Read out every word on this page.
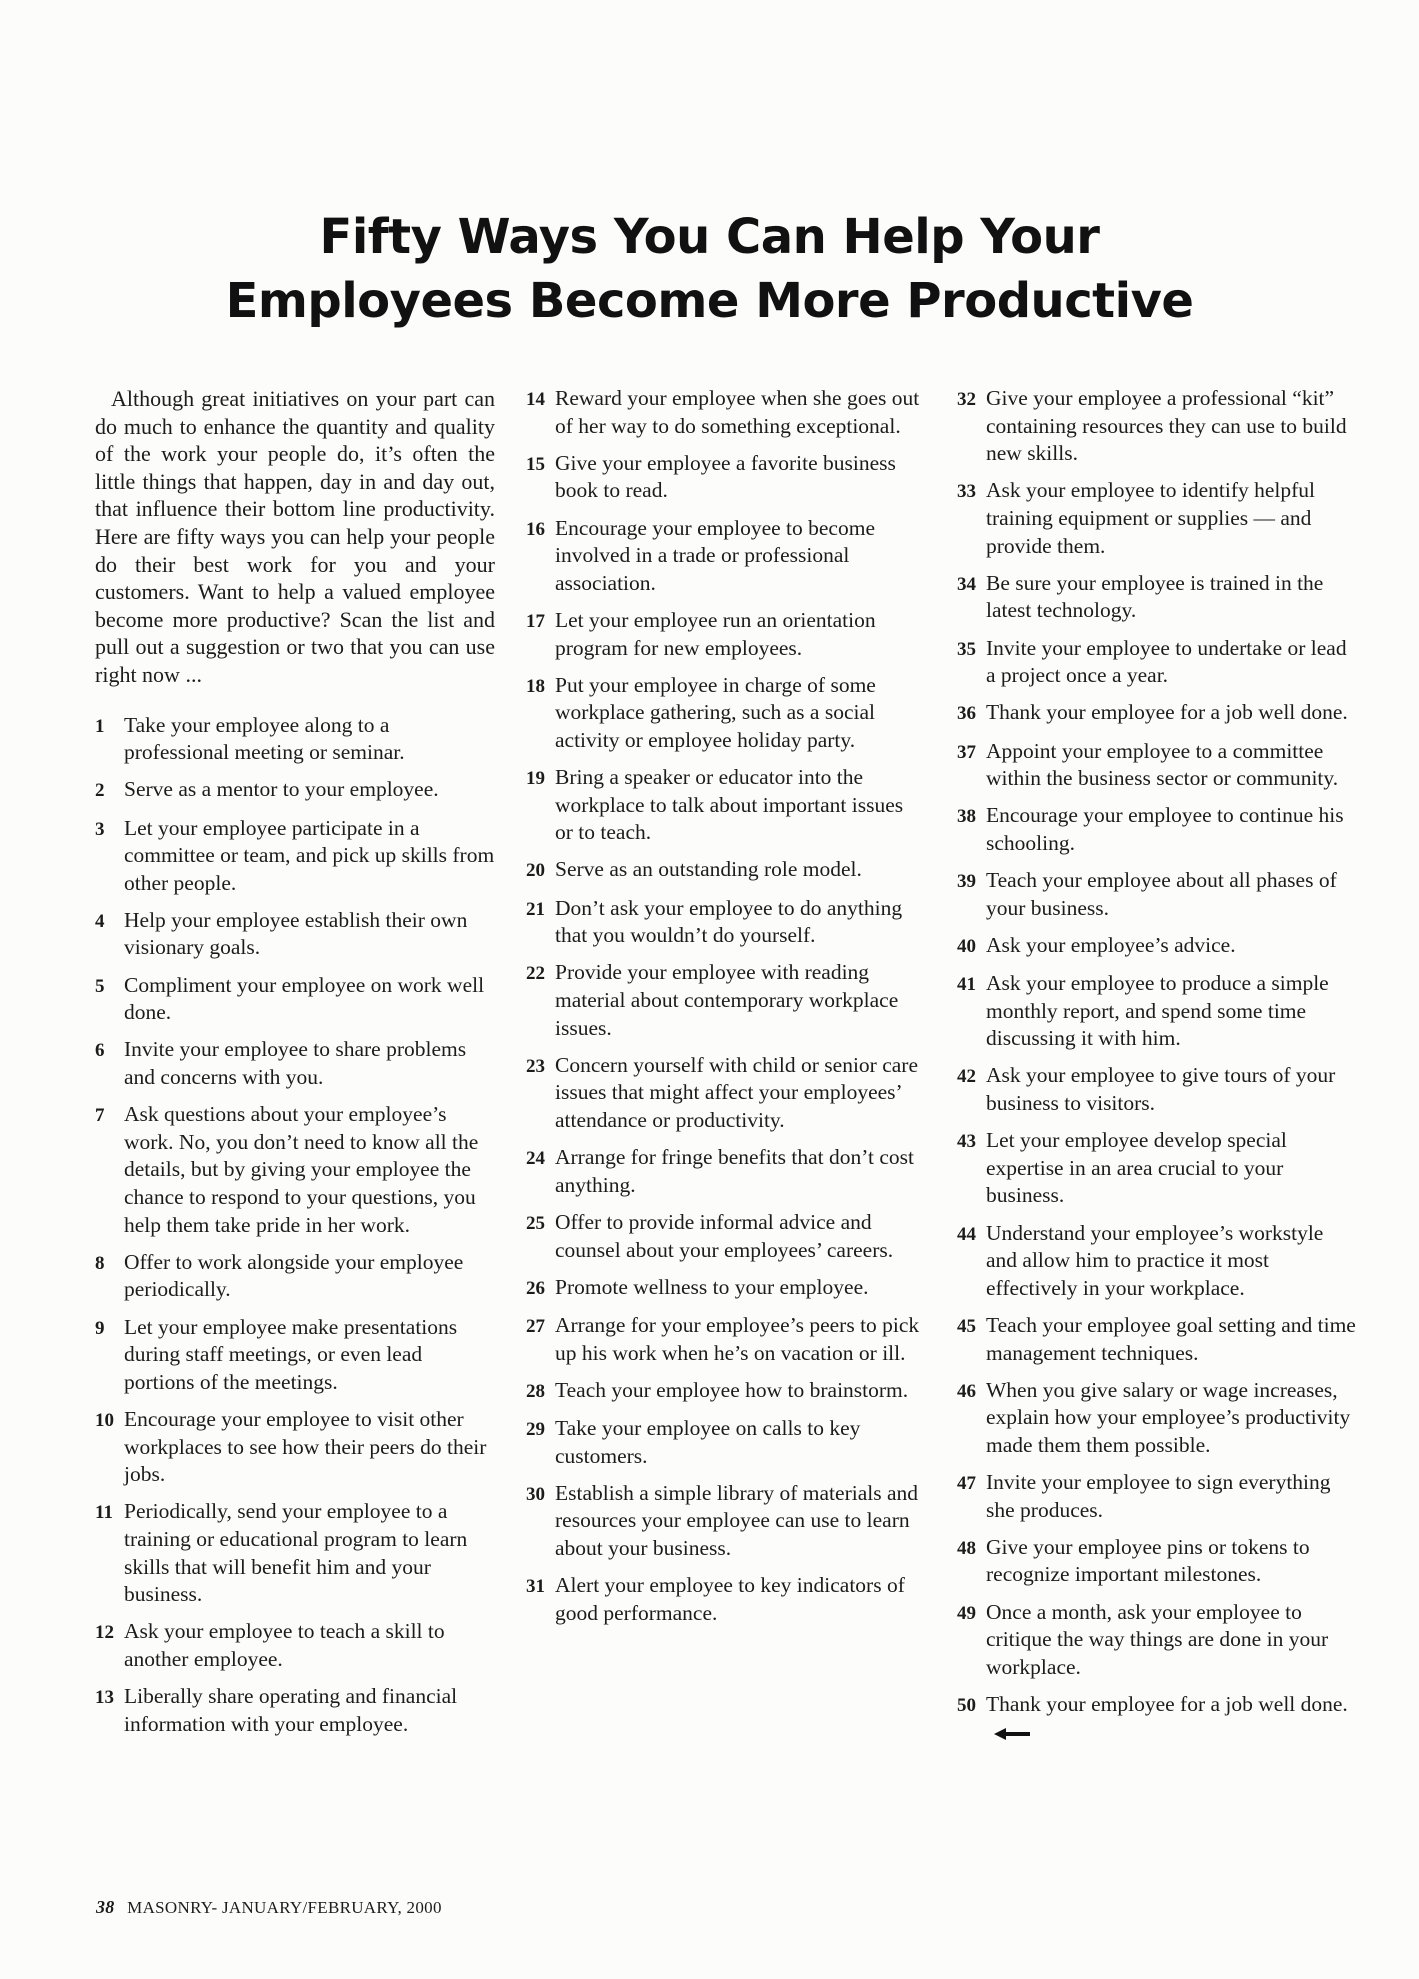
Fifty Ways You Can Help Your
Employees Become More Productive

Although great initiatives on your part can do much to enhance the quantity and quality of the work your people do, it’s often the little things that happen, day in and day out, that influence their bottom line productivity. Here are fifty ways you can help your people do their best work for you and your customers. Want to help a valued employee become more productive? Scan the list and pull out a suggestion or two that you can use right now ...

1 Take your employee along to a professional meeting or seminar.
2 Serve as a mentor to your employee.
3 Let your employee participate in a committee or team, and pick up skills from other people.
4 Help your employee establish their own visionary goals.
5 Compliment your employee on work well done.
6 Invite your employee to share problems and concerns with you.
7 Ask questions about your employee’s work. No, you don’t need to know all the details, but by giving your employee the chance to respond to your questions, you help them take pride in her work.
8 Offer to work alongside your employee periodically.
9 Let your employee make presentations during staff meetings, or even lead portions of the meetings.
10 Encourage your employee to visit other workplaces to see how their peers do their jobs.
11 Periodically, send your employee to a training or educational program to learn skills that will benefit him and your business.
12 Ask your employee to teach a skill to another employee.
13 Liberally share operating and financial information with your employee.
14 Reward your employee when she goes out of her way to do something exceptional.
15 Give your employee a favorite business book to read.
16 Encourage your employee to become involved in a trade or professional association.
17 Let your employee run an orientation program for new employees.
18 Put your employee in charge of some workplace gathering, such as a social activity or employee holiday party.
19 Bring a speaker or educator into the workplace to talk about important issues or to teach.
20 Serve as an outstanding role model.
21 Don’t ask your employee to do anything that you wouldn’t do yourself.
22 Provide your employee with reading material about contemporary workplace issues.
23 Concern yourself with child or senior care issues that might affect your employees’ attendance or productivity.
24 Arrange for fringe benefits that don’t cost anything.
25 Offer to provide informal advice and counsel about your employees’ careers.
26 Promote wellness to your employee.
27 Arrange for your employee’s peers to pick up his work when he’s on vacation or ill.
28 Teach your employee how to brainstorm.
29 Take your employee on calls to key customers.
30 Establish a simple library of materials and resources your employee can use to learn about your business.
31 Alert your employee to key indicators of good performance.
32 Give your employee a professional “kit” containing resources they can use to build new skills.
33 Ask your employee to identify helpful training equipment or supplies — and provide them.
34 Be sure your employee is trained in the latest technology.
35 Invite your employee to undertake or lead a project once a year.
36 Thank your employee for a job well done.
37 Appoint your employee to a committee within the business sector or community.
38 Encourage your employee to continue his schooling.
39 Teach your employee about all phases of your business.
40 Ask your employee’s advice.
41 Ask your employee to produce a simple monthly report, and spend some time discussing it with him.
42 Ask your employee to give tours of your business to visitors.
43 Let your employee develop special expertise in an area crucial to your business.
44 Understand your employee’s workstyle and allow him to practice it most effectively in your workplace.
45 Teach your employee goal setting and time management techniques.
46 When you give salary or wage increases, explain how your employee’s productivity made them them possible.
47 Invite your employee to sign everything she produces.
48 Give your employee pins or tokens to recognize important milestones.
49 Once a month, ask your employee to critique the way things are done in your workplace.
50 Thank your employee for a job well done.
38 MASONRY- JANUARY/FEBRUARY, 2000
